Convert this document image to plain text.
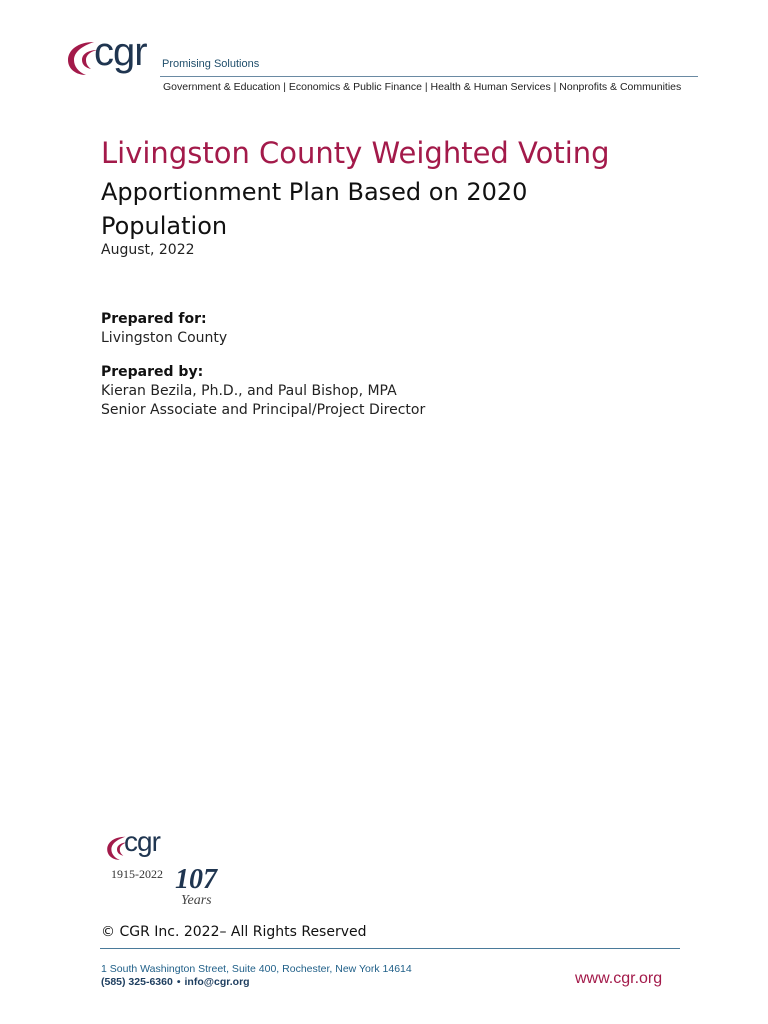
cgr Promising Solutions
Government & Education | Economics & Public Finance | Health & Human Services | Nonprofits & Communities
Livingston County Weighted Voting
Apportionment Plan Based on 2020 Population
August, 2022
Prepared for:
Livingston County
Prepared by:
Kieran Bezila, Ph.D., and Paul Bishop, MPA
Senior Associate and Principal/Project Director
cgr
1915-2022 107
Years
© CGR Inc. 2022– All Rights Reserved
1 South Washington Street, Suite 400, Rochester, New York 14614
(585) 325-6360 • info@cgr.org	www.cgr.org
